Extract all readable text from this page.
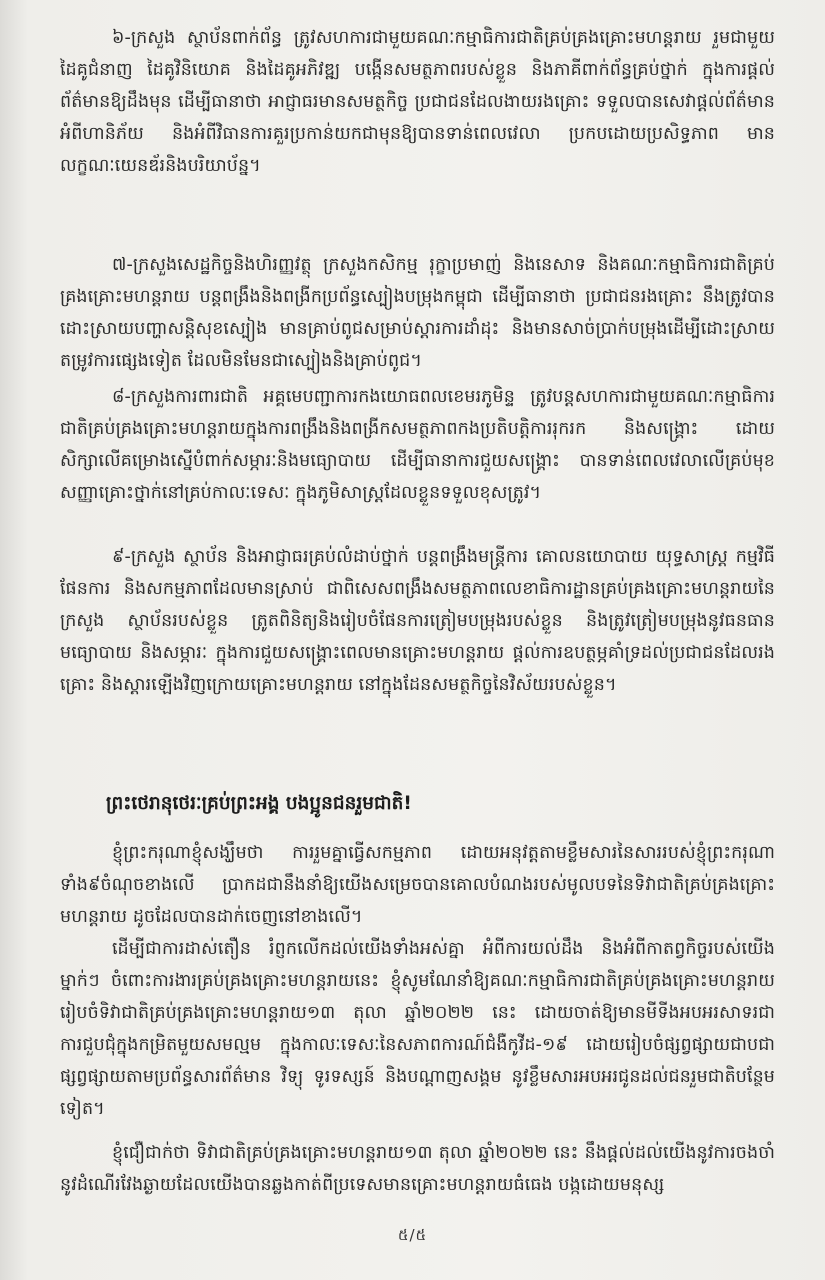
៦-ក្រសួង ស្ថាប័នពាក់ព័ន្ធ ត្រូវសហការជាមួយគណៈកម្មាធិការជាតិគ្រប់គ្រងគ្រោះមហន្តរាយ រួមជាមួយដៃគូជំនាញ ដៃគូវិនិយោគ និងដៃគូអភិវឌ្ឍ បង្កើនសមត្ថភាពរបស់ខ្លួន និងភាគីពាក់ព័ន្ធគ្រប់ថ្នាក់ ក្នុងការផ្តល់ព័ត៌មានឱ្យដឹងមុន ដើម្បីធានាថា អាជ្ញាធរមានសមត្ថកិច្ច ប្រជាជនដែលងាយរងគ្រោះ ទទួលបានសេវាផ្តល់ព័ត៌មានអំពីហានិភ័យ និងអំពីវិធានការគួរប្រកាន់យកជាមុនឱ្យបានទាន់ពេលវេលា ប្រកបដោយប្រសិទ្ធភាព មានលក្ខណៈយេនឌ័រនិងបរិយាប័ន្ន។

៧-ក្រសួងសេដ្ឋកិច្ចនិងហិរញ្ញវត្ថុ ក្រសួងកសិកម្ម រុក្ខាប្រមាញ់ និងនេសាទ និងគណៈកម្មាធិការជាតិគ្រប់គ្រងគ្រោះមហន្តរាយ បន្តពង្រឹងនិងពង្រីកប្រព័ន្ធស្បៀងបម្រុងកម្ពុជា ដើម្បីធានាថា ប្រជាជនរងគ្រោះ នឹងត្រូវបានដោះស្រាយបញ្ហាសន្តិសុខស្បៀង មានគ្រាប់ពូជសម្រាប់ស្តារការដាំដុះ និងមានសាច់ប្រាក់បម្រុងដើម្បីដោះស្រាយតម្រូវការផ្សេងទៀត ដែលមិនមែនជាស្បៀងនិងគ្រាប់ពូជ។

៨-ក្រសួងការពារជាតិ អគ្គមេបញ្ជាការកងយោធពលខេមរភូមិន្ទ ត្រូវបន្តសហការជាមួយគណៈកម្មាធិការជាតិគ្រប់គ្រងគ្រោះមហន្តរាយក្នុងការពង្រឹងនិងពង្រីកសមត្ថភាពកងប្រតិបត្តិការរុករក និងសង្គ្រោះ ដោយសិក្សាលើគម្រោងស្នើបំពាក់សម្ភារៈនិងមធ្យោបាយ ដើម្បីធានាការជួយសង្គ្រោះ បានទាន់ពេលវេលាលើគ្រប់មុខសញ្ញាគ្រោះថ្នាក់នៅគ្រប់កាលៈទេសៈ ក្នុងភូមិសាស្ត្រដែលខ្លួនទទួលខុសត្រូវ។

៩-ក្រសួង ស្ថាប័ន និងអាជ្ញាធរគ្រប់លំដាប់ថ្នាក់ បន្តពង្រឹងមន្ត្រីការ គោលនយោបាយ យុទ្ធសាស្ត្រ កម្មវិធី ផែនការ និងសកម្មភាពដែលមានស្រាប់ ជាពិសេសពង្រឹងសមត្ថភាពលេខាធិការដ្ឋានគ្រប់គ្រងគ្រោះមហន្តរាយនៃក្រសួង ស្ថាប័នរបស់ខ្លួន ត្រូតពិនិត្យនិងរៀបចំផែនការត្រៀមបម្រុងរបស់ខ្លួន និងត្រូវត្រៀមបម្រុងនូវធនធាន មធ្យោបាយ និងសម្ភារៈ ក្នុងការជួយសង្គ្រោះពេលមានគ្រោះមហន្តរាយ ផ្តល់ការឧបត្ថម្ភគាំទ្រដល់ប្រជាជនដែលរងគ្រោះ និងស្តារឡើងវិញក្រោយគ្រោះមហន្តរាយ នៅក្នុងដែនសមត្ថកិច្ចនៃវិស័យរបស់ខ្លួន។

ព្រះថេរានុថេរៈគ្រប់ព្រះអង្គ បងប្អូនជនរួមជាតិ!

ខ្ញុំព្រះករុណាខ្ញុំសង្ឃឹមថា ការរួមគ្នាធ្វើសកម្មភាព ដោយអនុវត្តតាមខ្លឹមសារនៃសាររបស់ខ្ញុំព្រះករុណាទាំង៩ចំណុចខាងលើ ប្រាកដជានឹងនាំឱ្យយើងសម្រេចបានគោលបំណងរបស់មូលបទនៃទិវាជាតិគ្រប់គ្រងគ្រោះមហន្តរាយ ដូចដែលបានដាក់ចេញនៅខាងលើ។

ដើម្បីជាការដាស់តឿន រំព្ញកលើកដល់យើងទាំងអស់គ្នា អំពីការយល់ដឹង និងអំពីកាតព្វកិច្ចរបស់យើងម្នាក់ៗ ចំពោះការងារគ្រប់គ្រងគ្រោះមហន្តរាយនេះ ខ្ញុំសូមណែនាំឱ្យគណៈកម្មាធិការជាតិគ្រប់គ្រងគ្រោះមហន្តរាយរៀបចំទិវាជាតិគ្រប់គ្រងគ្រោះមហន្តរាយ១៣ តុលា ឆ្នាំ២០២២ នេះ ដោយចាត់ឱ្យមានមីទីងអបអរសាទរជាការជួបជុំក្នុងកម្រិតមួយសមល្មម ក្នុងកាលៈទេសៈនៃសភាពការណ៍ជំងឺកូវីដ-១៩ ដោយរៀបចំផ្សព្វផ្សាយជាបជា ផ្សព្វផ្សាយតាមប្រព័ន្ធសារព័ត៌មាន វិទ្យុ ទូរទស្សន៍ និងបណ្តាញសង្គម នូវខ្លឹមសារអបអរជូនដល់ជនរួមជាតិបន្ថែមទៀត។

ខ្ញុំជឿជាក់ថា ទិវាជាតិគ្រប់គ្រងគ្រោះមហន្តរាយ១៣ តុលា ឆ្នាំ២០២២ នេះ នឹងផ្តល់ដល់យើងនូវការចងចាំនូវដំណើរវែងឆ្ងាយដែលយើងបានឆ្លងកាត់ពីប្រទេសមានគ្រោះមហន្តរាយធំធេង បង្កដោយមនុស្ស

៥/៥
